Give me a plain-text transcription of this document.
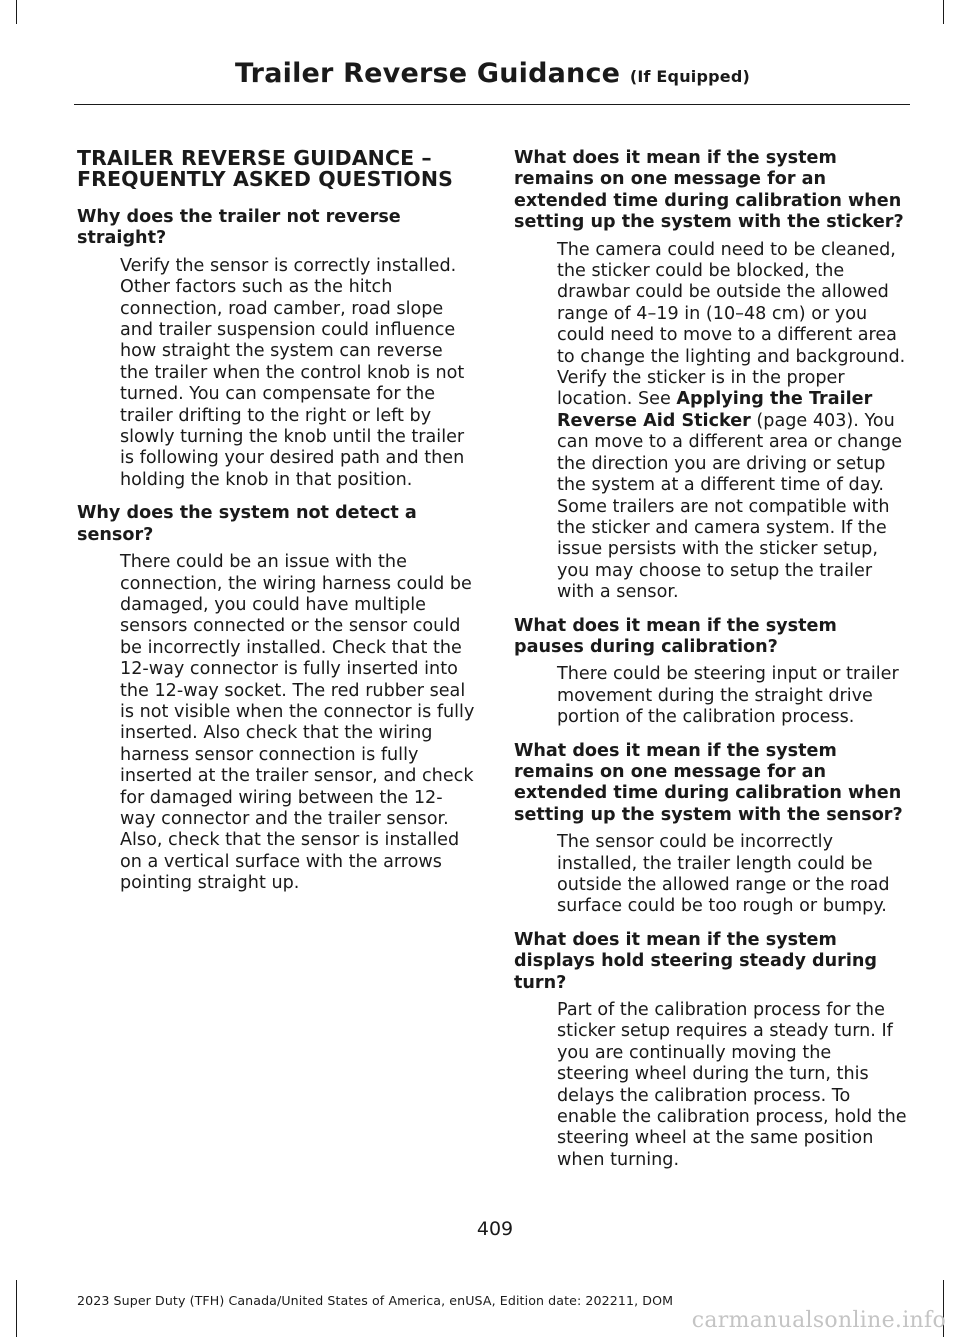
Trailer Reverse Guidance (If Equipped)
TRAILER REVERSE GUIDANCE – FREQUENTLY ASKED QUESTIONS
Why does the trailer not reverse straight?

Verify the sensor is correctly installed. Other factors such as the hitch connection, road camber, road slope and trailer suspension could influence how straight the system can reverse the trailer when the control knob is not turned. You can compensate for the trailer drifting to the right or left by slowly turning the knob until the trailer is following your desired path and then holding the knob in that position.

Why does the system not detect a sensor?

There could be an issue with the connection, the wiring harness could be damaged, you could have multiple sensors connected or the sensor could be incorrectly installed. Check that the 12-way connector is fully inserted into the 12-way socket. The red rubber seal is not visible when the connector is fully inserted. Also check that the wiring harness sensor connection is fully inserted at the trailer sensor, and check for damaged wiring between the 12-way connector and the trailer sensor. Also, check that the sensor is installed on a vertical surface with the arrows pointing straight up.

What does it mean if the system remains on one message for an extended time during calibration when setting up the system with the sticker?

The camera could need to be cleaned, the sticker could be blocked, the drawbar could be outside the allowed range of 4–19 in (10–48 cm) or you could need to move to a different area to change the lighting and background. Verify the sticker is in the proper location. See Applying the Trailer Reverse Aid Sticker (page 403). You can move to a different area or change the direction you are driving or setup the system at a different time of day. Some trailers are not compatible with the sticker and camera system. If the issue persists with the sticker setup, you may choose to setup the trailer with a sensor.

What does it mean if the system pauses during calibration?

There could be steering input or trailer movement during the straight drive portion of the calibration process.

What does it mean if the system remains on one message for an extended time during calibration when setting up the system with the sensor?

The sensor could be incorrectly installed, the trailer length could be outside the allowed range or the road surface could be too rough or bumpy.

What does it mean if the system displays hold steering steady during turn?

Part of the calibration process for the sticker setup requires a steady turn. If you are continually moving the steering wheel during the turn, this delays the calibration process. To enable the calibration process, hold the steering wheel at the same position when turning.

409
2023 Super Duty (TFH) Canada/United States of America, enUSA, Edition date: 202211, DOM
carmanualsonline.info
